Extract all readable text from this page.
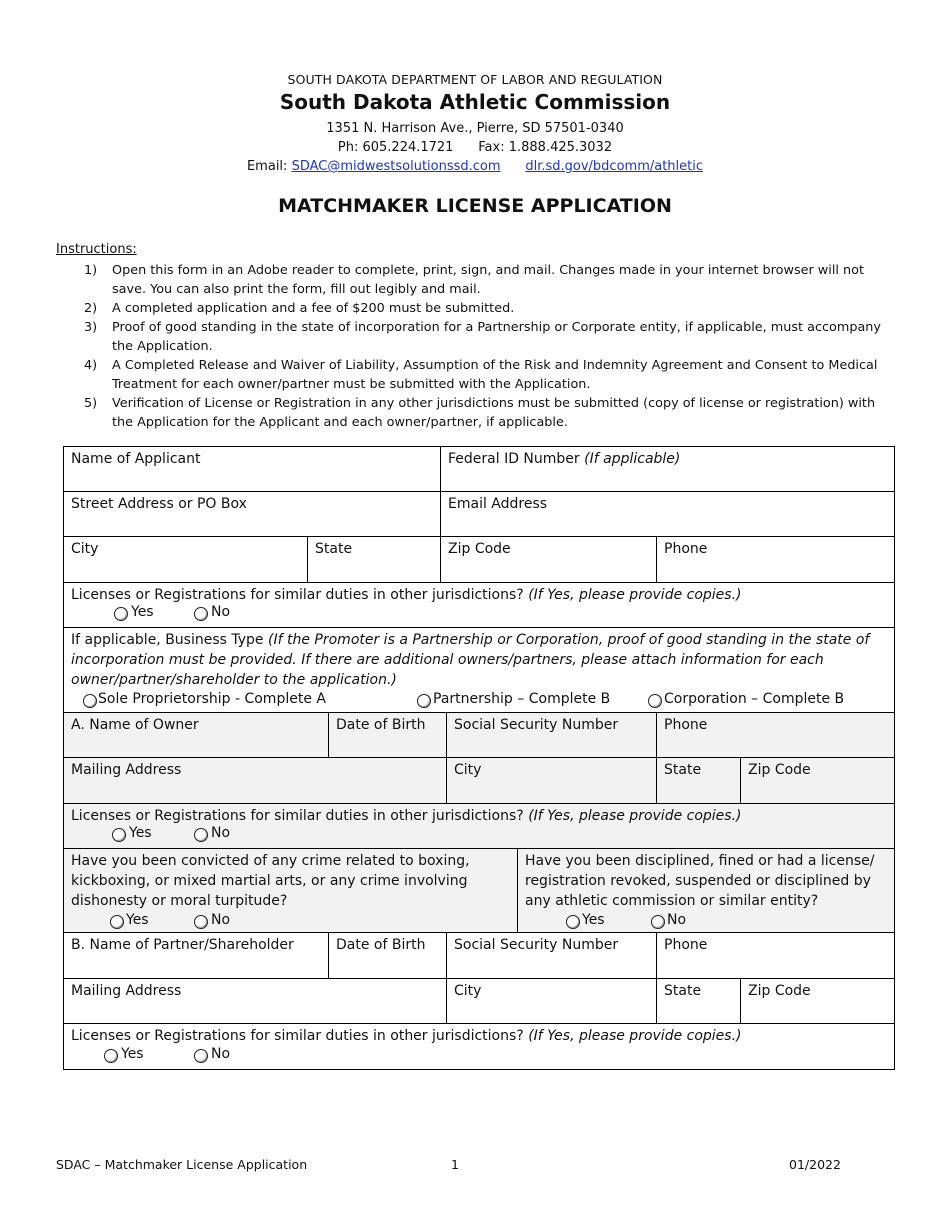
SOUTH DAKOTA DEPARTMENT OF LABOR AND REGULATION
South Dakota Athletic Commission
1351 N. Harrison Ave., Pierre, SD 57501-0340
Ph: 605.224.1721 Fax: 1.888.425.3032
Email: SDAC@midwestsolutionssd.com dlr.sd.gov/bdcomm/athletic
MATCHMAKER LICENSE APPLICATION
Instructions:
1) Open this form in an Adobe reader to complete, print, sign, and mail. Changes made in your internet browser will not save. You can also print the form, fill out legibly and mail.
2) A completed application and a fee of $200 must be submitted.
3) Proof of good standing in the state of incorporation for a Partnership or Corporate entity, if applicable, must accompany the Application.
4) A Completed Release and Waiver of Liability, Assumption of the Risk and Indemnity Agreement and Consent to Medical Treatment for each owner/partner must be submitted with the Application.
5) Verification of License or Registration in any other jurisdictions must be submitted (copy of license or registration) with the Application for the Applicant and each owner/partner, if applicable.
Name of Applicant	Federal ID Number (If applicable)
Street Address or PO Box	Email Address
City	State	Zip Code	Phone
Licenses or Registrations for similar duties in other jurisdictions? (If Yes, please provide copies.)
Yes	No
If applicable, Business Type (If the Promoter is a Partnership or Corporation, proof of good standing in the state of incorporation must be provided. If there are additional owners/partners, please attach information for each owner/partner/shareholder to the application.)
Sole Proprietorship - Complete A	Partnership – Complete B	Corporation – Complete B
A. Name of Owner	Date of Birth	Social Security Number	Phone
Mailing Address	City	State	Zip Code
Licenses or Registrations for similar duties in other jurisdictions? (If Yes, please provide copies.)
Yes	No
Have you been convicted of any crime related to boxing, kickboxing, or mixed martial arts, or any crime involving dishonesty or moral turpitude?
Yes	No
Have you been disciplined, fined or had a license/ registration revoked, suspended or disciplined by any athletic commission or similar entity?
Yes	No
B. Name of Partner/Shareholder	Date of Birth	Social Security Number	Phone
Mailing Address	City	State	Zip Code
Licenses or Registrations for similar duties in other jurisdictions? (If Yes, please provide copies.)
Yes	No
SDAC – Matchmaker License Application	1	01/2022
